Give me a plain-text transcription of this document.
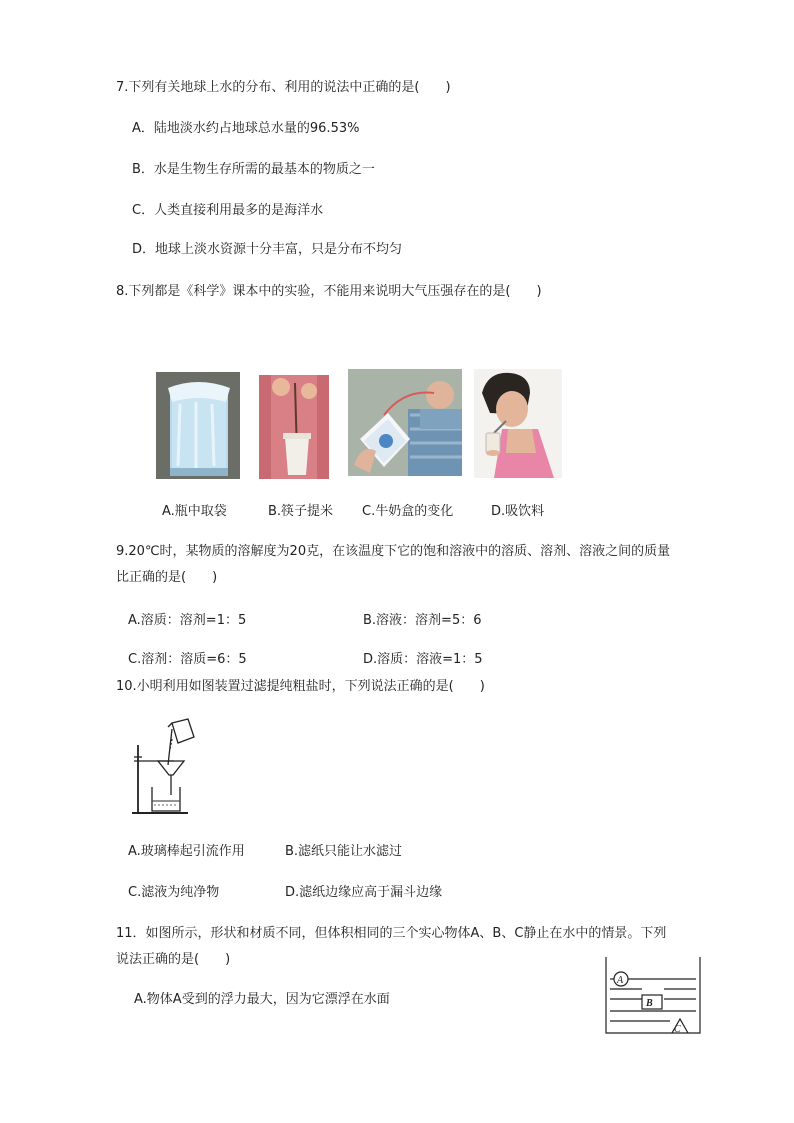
7.下列有关地球上水的分布、利用的说法中正确的是(　　)
A．陆地淡水约占地球总水量的96.53%
B．水是生物生存所需的最基本的物质之一
C．人类直接利用最多的是海洋水
D．地球上淡水资源十分丰富，只是分布不均匀
8.下列都是《科学》课本中的实验，不能用来说明大气压强存在的是(　　)
A.瓶中取袋	B.筷子提米 C.牛奶盒的变化	D.吸饮料
9.20℃时，某物质的溶解度为20克，在该温度下它的饱和溶液中的溶质、溶剂、溶液之间的质量
比正确的是(　　)
A.溶质：溶剂=1：5	B.溶液：溶剂=5：6
C.溶剂：溶质=6：5	D.溶质：溶液=1：5
10.小明利用如图装置过滤提纯粗盐时，下列说法正确的是(　　)
A.玻璃棒起引流作用	B.滤纸只能让水滤过
C.滤液为纯净物	D.滤纸边缘应高于漏斗边缘
11．如图所示，形状和材质不同，但体积相同的三个实心物体A、B、C静止在水中的情景。下列
说法正确的是(　　)
A.物体A受到的浮力最大，因为它漂浮在水面
A
B
C
